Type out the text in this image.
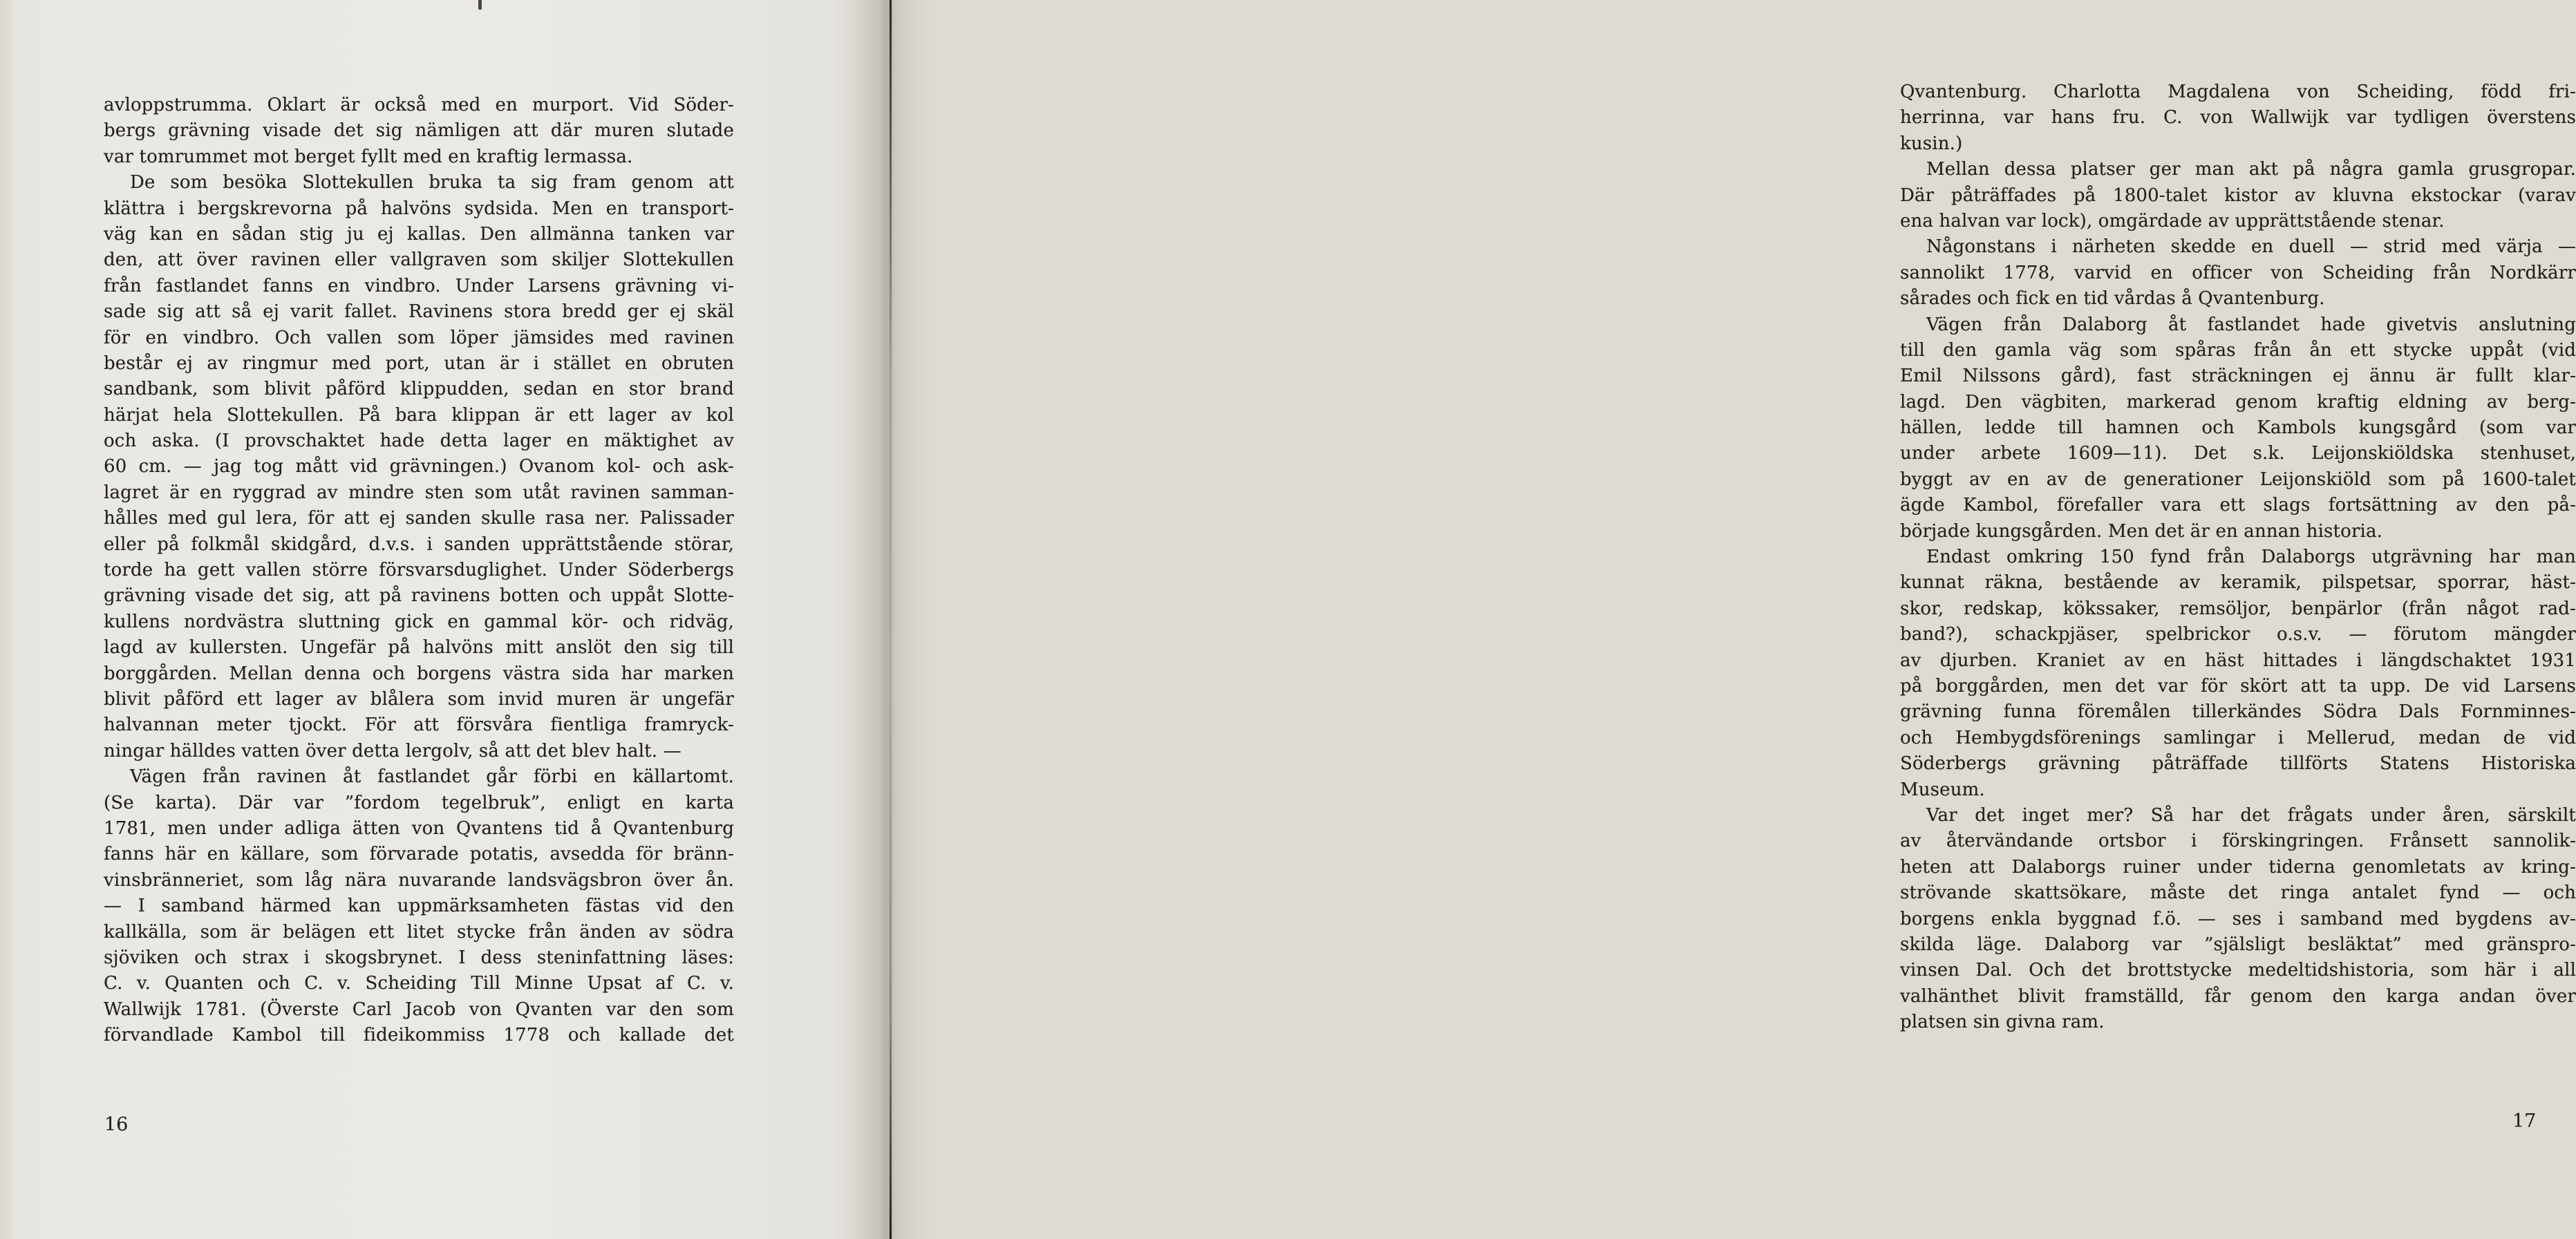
avloppstrumma. Oklart är också med en murport. Vid Söder-
bergs grävning visade det sig nämligen att där muren slutade
var tomrummet mot berget fyllt med en kraftig lermassa.
De som besöka Slottekullen bruka ta sig fram genom att
klättra i bergskrevorna på halvöns sydsida. Men en transport-
väg kan en sådan stig ju ej kallas. Den allmänna tanken var
den, att över ravinen eller vallgraven som skiljer Slottekullen
från fastlandet fanns en vindbro. Under Larsens grävning vi-
sade sig att så ej varit fallet. Ravinens stora bredd ger ej skäl
för en vindbro. Och vallen som löper jämsides med ravinen
består ej av ringmur med port, utan är i stället en obruten
sandbank, som blivit påförd klippudden, sedan en stor brand
härjat hela Slottekullen. På bara klippan är ett lager av kol
och aska. (I provschaktet hade detta lager en mäktighet av
60 cm. — jag tog mått vid grävningen.) Ovanom kol- och ask-
lagret är en ryggrad av mindre sten som utåt ravinen samman-
hålles med gul lera, för att ej sanden skulle rasa ner. Palissader
eller på folkmål skidgård, d.v.s. i sanden upprättstående störar,
torde ha gett vallen större försvarsduglighet. Under Söderbergs
grävning visade det sig, att på ravinens botten och uppåt Slotte-
kullens nordvästra sluttning gick en gammal kör- och ridväg,
lagd av kullersten. Ungefär på halvöns mitt anslöt den sig till
borggården. Mellan denna och borgens västra sida har marken
blivit påförd ett lager av blålera som invid muren är ungefär
halvannan meter tjockt. För att försvåra fientliga framryck-
ningar hälldes vatten över detta lergolv, så att det blev halt. —
Vägen från ravinen åt fastlandet går förbi en källartomt.
(Se karta). Där var ”fordom tegelbruk”, enligt en karta
1781, men under adliga ätten von Qvantens tid å Qvantenburg
fanns här en källare, som förvarade potatis, avsedda för bränn-
vinsbränneriet, som låg nära nuvarande landsvägsbron över ån.
— I samband härmed kan uppmärksamheten fästas vid den
kallkälla, som är belägen ett litet stycke från änden av södra
sjöviken och strax i skogsbrynet. I dess steninfattning läses:
C. v. Quanten och C. v. Scheiding Till Minne Upsat af C. v.
Wallwijk 1781. (Överste Carl Jacob von Qvanten var den som
förvandlade Kambol till fideikommiss 1778 och kallade det
16
Qvantenburg. Charlotta Magdalena von Scheiding, född fri-
herrinna, var hans fru. C. von Wallwijk var tydligen överstens
kusin.)
Mellan dessa platser ger man akt på några gamla grusgropar.
Där påträffades på 1800-talet kistor av kluvna ekstockar (varav
ena halvan var lock), omgärdade av upprättstående stenar.
Någonstans i närheten skedde en duell — strid med värja —
sannolikt 1778, varvid en officer von Scheiding från Nordkärr
sårades och fick en tid vårdas å Qvantenburg.
Vägen från Dalaborg åt fastlandet hade givetvis anslutning
till den gamla väg som spåras från ån ett stycke uppåt (vid
Emil Nilssons gård), fast sträckningen ej ännu är fullt klar-
lagd. Den vägbiten, markerad genom kraftig eldning av berg-
hällen, ledde till hamnen och Kambols kungsgård (som var
under arbete 1609—11). Det s.k. Leijonskiöldska stenhuset,
byggt av en av de generationer Leijonskiöld som på 1600-talet
ägde Kambol, förefaller vara ett slags fortsättning av den på-
började kungsgården. Men det är en annan historia.
Endast omkring 150 fynd från Dalaborgs utgrävning har man
kunnat räkna, bestående av keramik, pilspetsar, sporrar, häst-
skor, redskap, kökssaker, remsöljor, benpärlor (från något rad-
band?), schackpjäser, spelbrickor o.s.v. — förutom mängder
av djurben. Kraniet av en häst hittades i längdschaktet 1931
på borggården, men det var för skört att ta upp. De vid Larsens
grävning funna föremålen tillerkändes Södra Dals Fornminnes-
och Hembygdsförenings samlingar i Mellerud, medan de vid
Söderbergs grävning påträffade tillförts Statens Historiska
Museum.
Var det inget mer? Så har det frågats under åren, särskilt
av återvändande ortsbor i förskingringen. Frånsett sannolik-
heten att Dalaborgs ruiner under tiderna genomletats av kring-
strövande skattsökare, måste det ringa antalet fynd — och
borgens enkla byggnad f.ö. — ses i samband med bygdens av-
skilda läge. Dalaborg var ”själsligt besläktat” med gränspro-
vinsen Dal. Och det brottstycke medeltidshistoria, som här i all
valhänthet blivit framställd, får genom den karga andan över
platsen sin givna ram.
17
